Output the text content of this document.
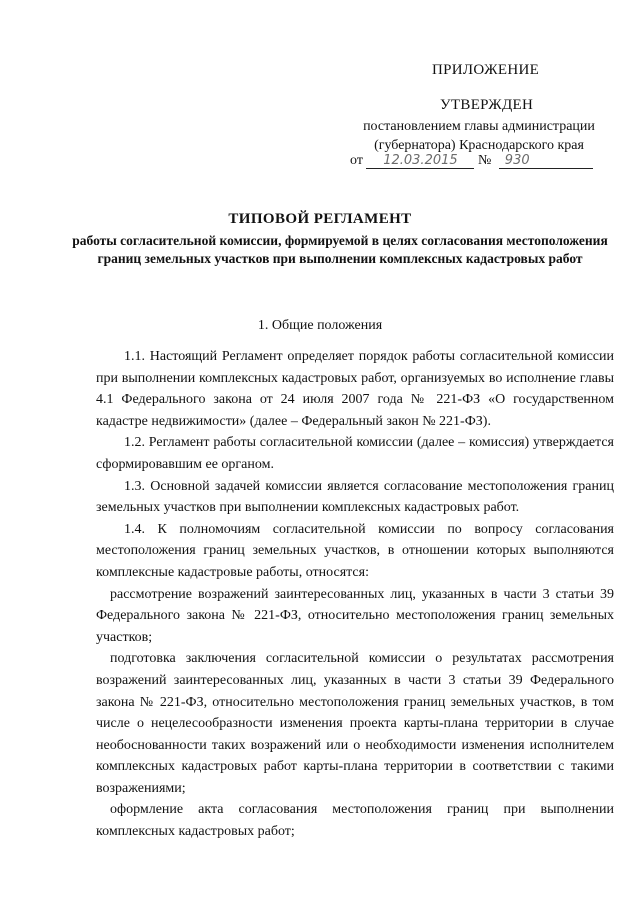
ПРИЛОЖЕНИЕ
УТВЕРЖДЕН
постановлением главы администрации
(губернатора) Краснодарского края
от 12.03.2015 № 930
ТИПОВОЙ РЕГЛАМЕНТ
работы согласительной комиссии, формируемой в целях согласования местоположения границ земельных участков при выполнении комплексных кадастровых работ
1. Общие положения

1.1. Настоящий Регламент определяет порядок работы согласительной комиссии при выполнении комплексных кадастровых работ, организуемых во исполнение главы 4.1 Федерального закона от 24 июля 2007 года № 221-ФЗ «О государственном кадастре недвижимости» (далее – Федеральный закон № 221-ФЗ).

1.2. Регламент работы согласительной комиссии (далее – комиссия) утверждается сформировавшим ее органом.

1.3. Основной задачей комиссии является согласование местоположения границ земельных участков при выполнении комплексных кадастровых работ.

1.4. К полномочиям согласительной комиссии по вопросу согласования местоположения границ земельных участков, в отношении которых выполняются комплексные кадастровые работы, относятся:

рассмотрение возражений заинтересованных лиц, указанных в части 3 статьи 39 Федерального закона № 221-ФЗ, относительно местоположения границ земельных участков;

подготовка заключения согласительной комиссии о результатах рассмотрения возражений заинтересованных лиц, указанных в части 3 статьи 39 Федерального закона № 221-ФЗ, относительно местоположения границ земельных участков, в том числе о нецелесообразности изменения проекта карты-плана территории в случае необоснованности таких возражений или о необходимости изменения исполнителем комплексных кадастровых работ карты-плана территории в соответствии с такими возражениями;

оформление акта согласования местоположения границ при выполнении комплексных кадастровых работ;
